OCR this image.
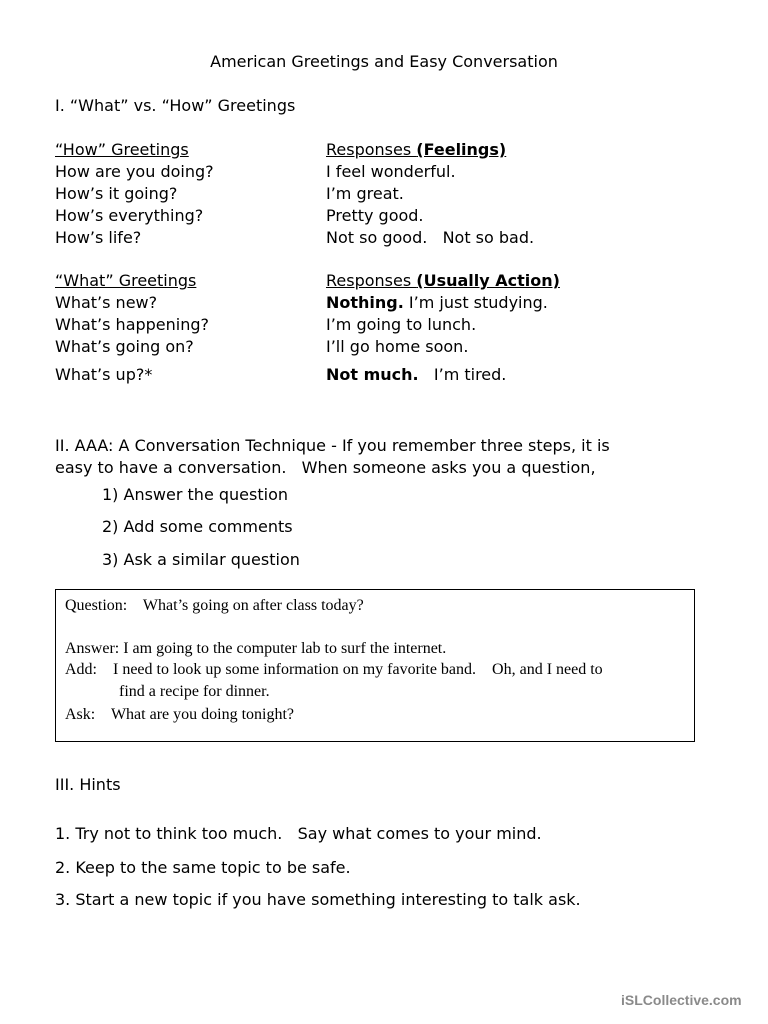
American Greetings and Easy Conversation
I. “What” vs. “How” Greetings
“How” Greetings	Responses (Feelings)
How are you doing?
How’s it going?
How’s everything?
How’s life?
I feel wonderful.
I’m great.
Pretty good.
Not so good.   Not so bad.
“What” Greetings	Responses (Usually Action)
What’s new?
What’s happening?
What’s going on?
What’s up?*
Nothing. I’m just studying.
I’m going to lunch.
I’ll go home soon.
Not much.   I’m tired.
II. AAA: A Conversation Technique - If you remember three steps, it is
easy to have a conversation.   When someone asks you a question,
1) Answer the question
2) Add some comments
3) Ask a similar question
Question:    What’s going on after class today?
Answer: I am going to the computer lab to surf the internet.
Add:    I need to look up some information on my favorite band.    Oh, and I need to
find a recipe for dinner.
Ask:    What are you doing tonight?
III. Hints
1. Try not to think too much.   Say what comes to your mind.
2. Keep to the same topic to be safe.
3. Start a new topic if you have something interesting to talk ask.
iSLCollective.com
